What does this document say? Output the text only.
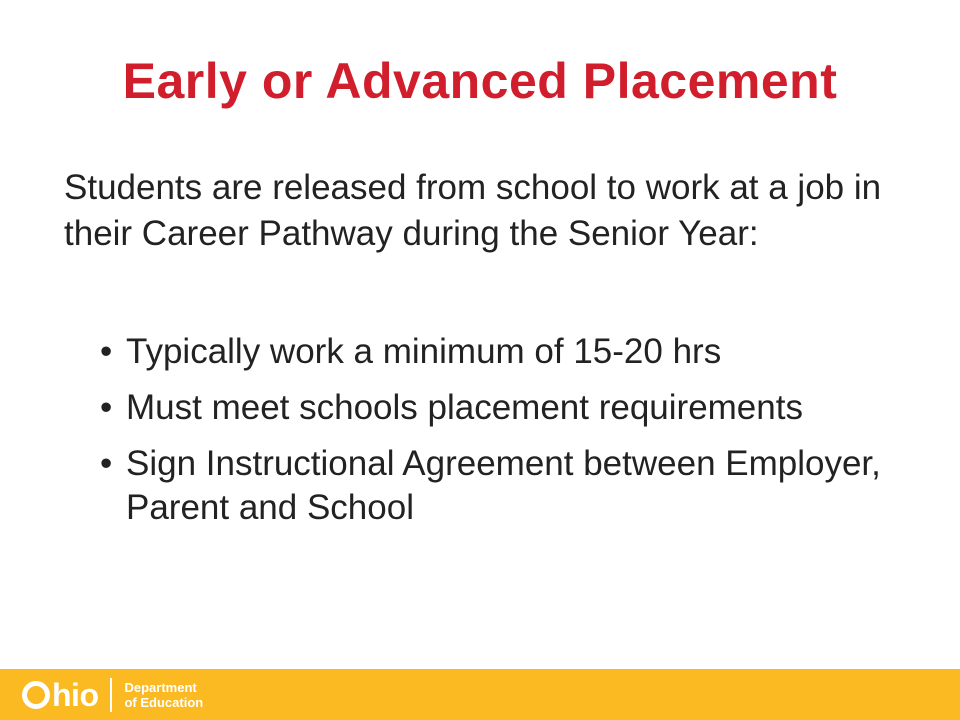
Early or Advanced Placement

Students are released from school to work at a job in their Career Pathway during the Senior Year:

• Typically work a minimum of 15-20 hrs
• Must meet schools placement requirements
• Sign Instructional Agreement between Employer, Parent and School
hio Department
of Education
